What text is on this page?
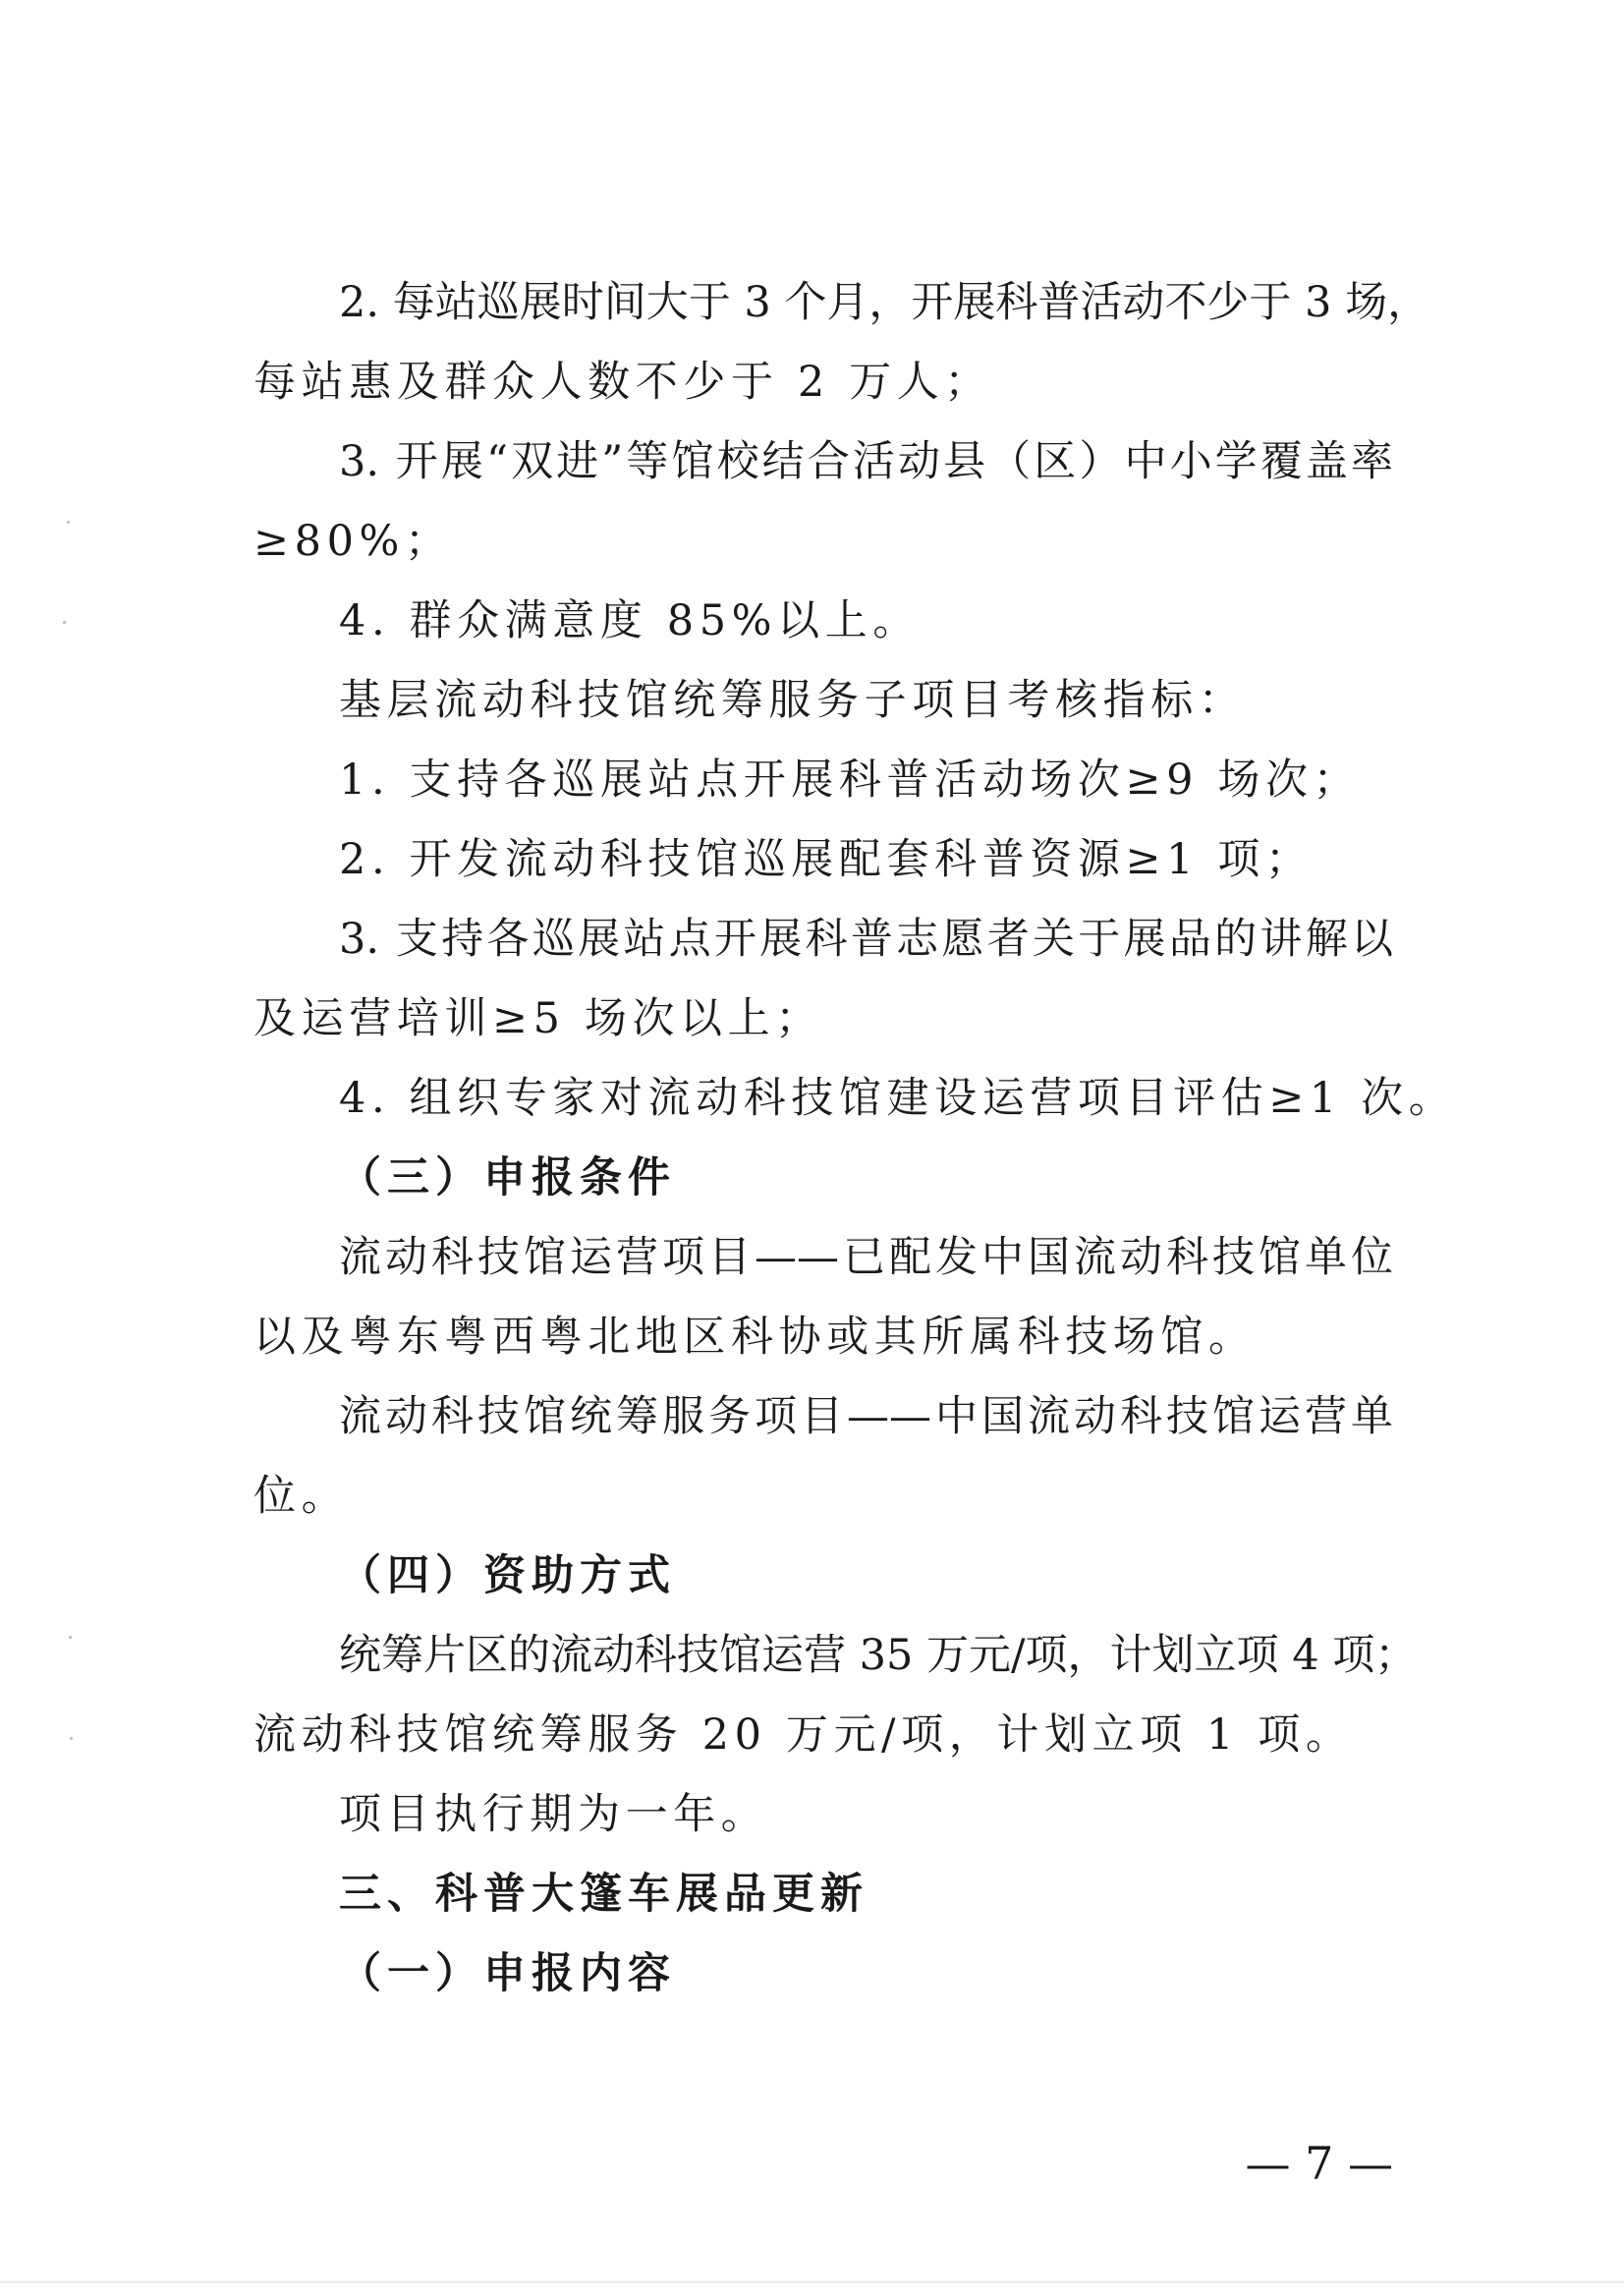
2. 每站巡展时间大于 3 个月，开展科普活动不少于 3 场，
每站惠及群众人数不少于 2 万人；
3. 开展“双进”等馆校结合活动县（区）中小学覆盖率
≥80%；
4. 群众满意度 85%以上。
基层流动科技馆统筹服务子项目考核指标：
1. 支持各巡展站点开展科普活动场次≥9 场次；
2. 开发流动科技馆巡展配套科普资源≥1 项；
3. 支持各巡展站点开展科普志愿者关于展品的讲解以
及运营培训≥5 场次以上；
4. 组织专家对流动科技馆建设运营项目评估≥1 次。
（三）申报条件
流动科技馆运营项目——已配发中国流动科技馆单位
以及粤东粤西粤北地区科协或其所属科技场馆。
流动科技馆统筹服务项目——中国流动科技馆运营单
位。
（四）资助方式
统筹片区的流动科技馆运营 35 万元/项，计划立项 4 项；
流动科技馆统筹服务 20 万元/项，计划立项 1 项。
项目执行期为一年。
三、科普大篷车展品更新
（一）申报内容
— 7 —
